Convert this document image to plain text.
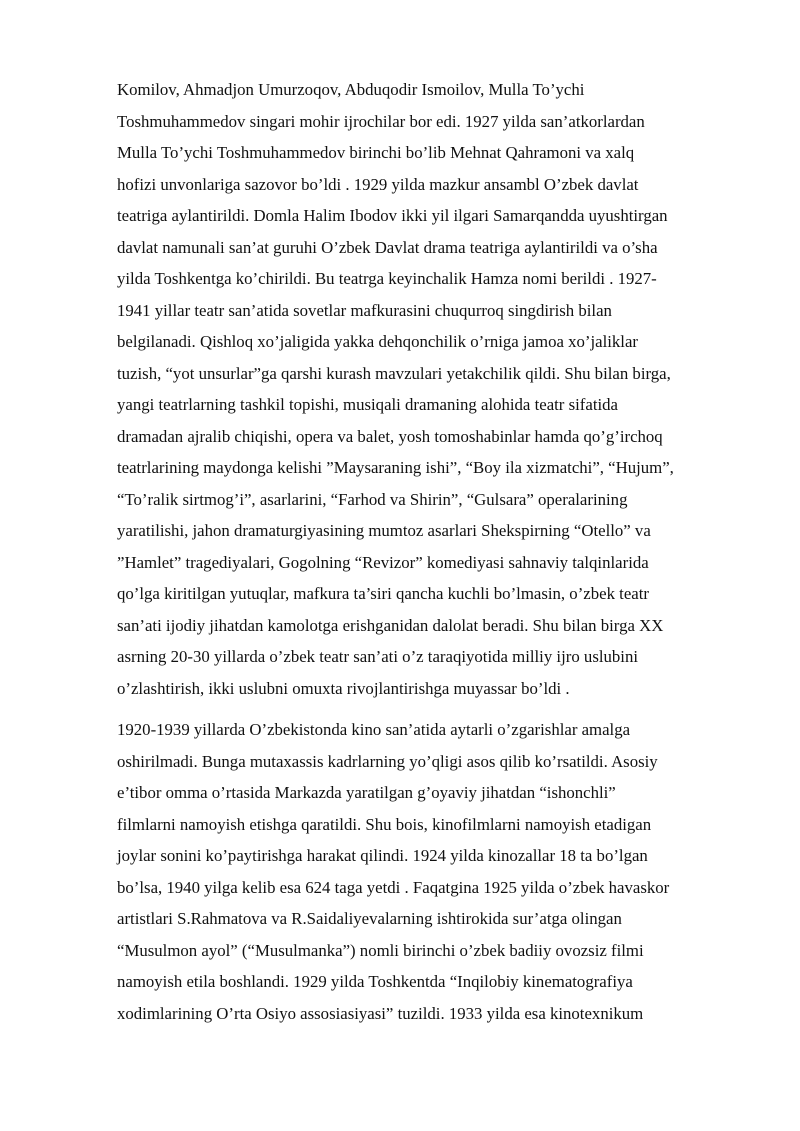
Komilov, Ahmadjon Umurzoqov, Abduqodir Ismoilov, Mulla To’ychi
Toshmuhammedov singari mohir ijrochilar bor edi. 1927 yilda san’atkorlardan
Mulla To’ychi Toshmuhammedov birinchi bo’lib Mehnat Qahramoni va xalq
hofizi unvonlariga sazovor bo’ldi . 1929 yilda mazkur ansambl O’zbek davlat
teatriga aylantirildi. Domla Halim Ibodov ikki yil ilgari Samarqandda uyushtirgan
davlat namunali san’at guruhi O’zbek Davlat drama teatriga aylantirildi va o’sha
yilda Toshkentga ko’chirildi. Bu teatrga keyinchalik Hamza nomi berildi . 1927-
1941 yillar teatr san’atida sovetlar mafkurasini chuqurroq singdirish bilan
belgilanadi. Qishloq xo’jaligida yakka dehqonchilik o’rniga jamoa xo’jaliklar
tuzish, “yot unsurlar”ga qarshi kurash mavzulari yetakchilik qildi. Shu bilan birga,
yangi teatrlarning tashkil topishi, musiqali dramaning alohida teatr sifatida
dramadan ajralib chiqishi, opera va balet, yosh tomoshabinlar hamda qo’g’irchoq
teatrlarining maydonga kelishi ”Maysaraning ishi”, “Boy ila xizmatchi”, “Hujum”,
“To’ralik sirtmog’i”, asarlarini, “Farhod va Shirin”, “Gulsara” operalarining
yaratilishi, jahon dramaturgiyasining mumtoz asarlari Shekspirning “Otello” va
”Hamlet” tragediyalari, Gogolning “Revizor” komediyasi sahnaviy talqinlarida
qo’lga kiritilgan yutuqlar, mafkura ta’siri qancha kuchli bo’lmasin, o’zbek teatr
san’ati ijodiy jihatdan kamolotga erishganidan dalolat beradi. Shu bilan birga XX
asrning 20-30 yillarda o’zbek teatr san’ati o’z taraqiyotida milliy ijro uslubini
o’zlashtirish, ikki uslubni omuxta rivojlantirishga muyassar bo’ldi .
1920-1939 yillarda O’zbekistonda kino san’atida aytarli o’zgarishlar amalga
oshirilmadi. Bunga mutaxassis kadrlarning yo’qligi asos qilib ko’rsatildi. Asosiy
e’tibor omma o’rtasida Markazda yaratilgan g’oyaviy jihatdan “ishonchli”
filmlarni namoyish etishga qaratildi. Shu bois, kinofilmlarni namoyish etadigan
joylar sonini ko’paytirishga harakat qilindi. 1924 yilda kinozallar 18 ta bo’lgan
bo’lsa, 1940 yilga kelib esa 624 taga yetdi . Faqatgina 1925 yilda o’zbek havaskor
artistlari S.Rahmatova va R.Saidaliyevalarning ishtirokida sur’atga olingan
“Musulmon ayol” (“Musulmanka”) nomli birinchi o’zbek badiiy ovozsiz filmi
namoyish etila boshlandi. 1929 yilda Toshkentda “Inqilobiy kinematografiya
xodimlarining O’rta Osiyo assosiasiyasi” tuzildi. 1933 yilda esa kinotexnikum
